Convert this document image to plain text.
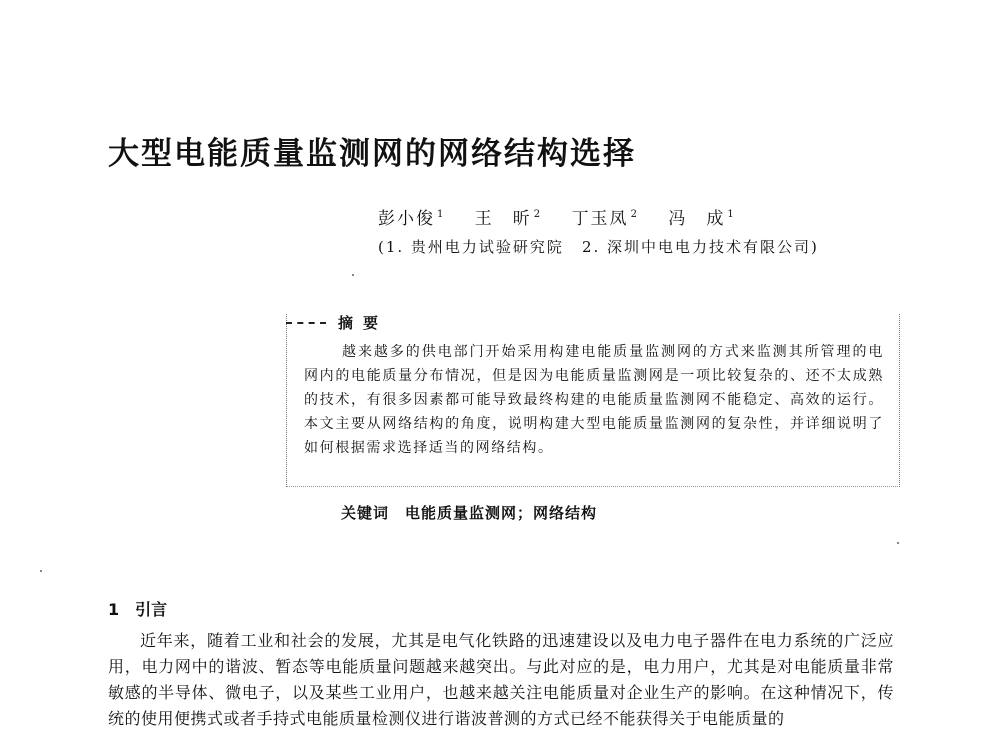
大型电能质量监测网的网络结构选择
彭小俊 $^1$ 王　昕 $^2$ 丁玉凤 $^2$ 冯　成 $^1$
(1. 贵州电力试验研究院 2. 深圳中电电力技术有限公司)
摘要
越来越多的供电部门开始采用构建电能质量监测网的方式来监测其所管理的电网内的电能质量分布情况，但是因为电能质量监测网是一项比较复杂的、还不太成熟的技术，有很多因素都可能导致最终构建的电能质量监测网不能稳定、高效的运行。本文主要从网络结构的角度，说明构建大型电能质量监测网的复杂性，并详细说明了如何根据需求选择适当的网络结构。
关键词 电能质量监测网；网络结构
1 引言
近年来，随着工业和社会的发展，尤其是电气化铁路的迅速建设以及电力电子器件在电力系统的广泛应用，电力网中的谐波、暂态等电能质量问题越来越突出。与此对应的是，电力用户，尤其是对电能质量非常敏感的半导体、微电子，以及某些工业用户，也越来越关注电能质量对企业生产的影响。在这种情况下，传统的使用便携式或者手持式电能质量检测仪进行谐波普测的方式已经不能获得关于电能质量的
